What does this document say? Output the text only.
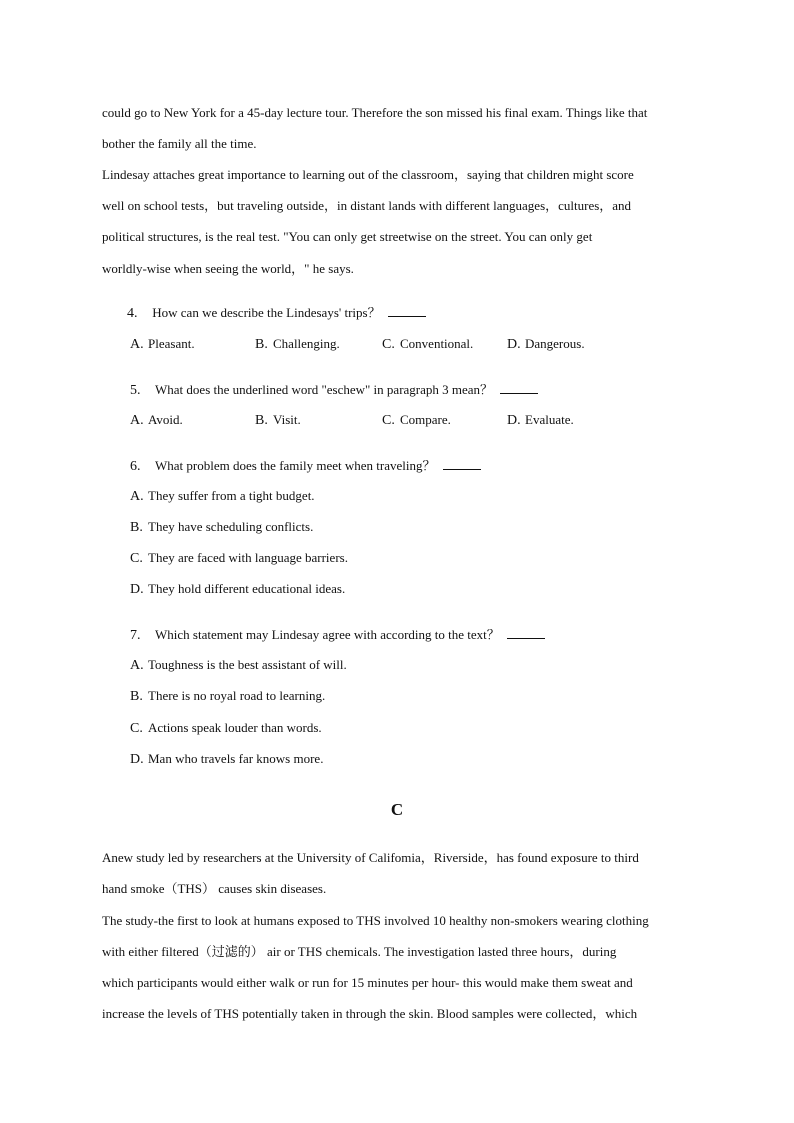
could go to New York for a 45-day lecture tour. Therefore the son missed his final exam. Things like that
bother the family all the time.
Lindesay attaches great importance to learning out of the classroom，saying that children might score
well on school tests，but traveling outside，in distant lands with different languages，cultures，and
political structures, is the real test. "You can only get streetwise on the street. You can only get
worldly-wise when seeing the world，" he says.
4. How can we describe the Lindesays' trips？
A. Pleasant.	B. Challenging.	C. Conventional. D. Dangerous.
5. What does the underlined word "eschew" in paragraph 3 mean？
A. Avoid.	B. Visit.	C. Compare.	D. Evaluate.
6. What problem does the family meet when traveling？
A. They suffer from a tight budget.
B. They have scheduling conflicts.
C. They are faced with language barriers.
D. They hold different educational ideas.
7. Which statement may Lindesay agree with according to the text？
A. Toughness is the best assistant of will.
B. There is no royal road to learning.
C. Actions speak louder than words.
D. Man who travels far knows more.
C
Anew study led by researchers at the University of Califomia，Riverside，has found exposure to third
hand smoke（THS） causes skin diseases.
The study-the first to look at humans exposed to THS involved 10 healthy non-smokers wearing clothing
with either filtered（过滤的） air or THS chemicals. The investigation lasted three hours，during
which participants would either walk or run for 15 minutes per hour- this would make them sweat and
increase the levels of THS potentially taken in through the skin. Blood samples were collected，which
